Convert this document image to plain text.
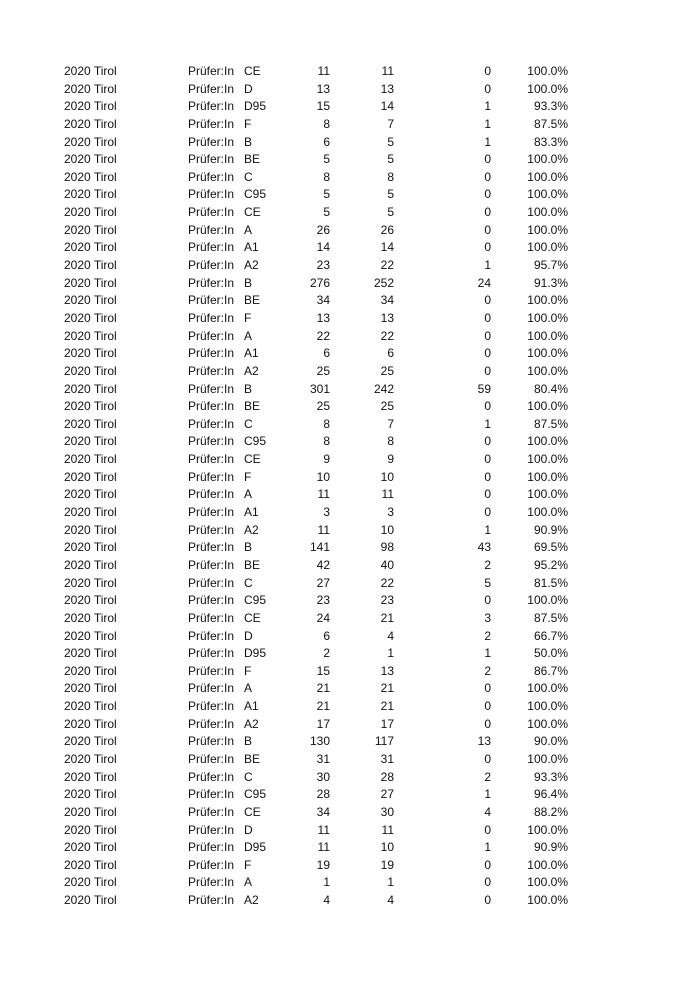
2020 Tirol	Prüfer:In CE	11	11	0	100.0%
2020 Tirol	Prüfer:In D	13	13	0	100.0%
2020 Tirol	Prüfer:In D95	15	14	1	93.3%
2020 Tirol	Prüfer:In F	8	7	1	87.5%
2020 Tirol	Prüfer:In B	6	5	1	83.3%
2020 Tirol	Prüfer:In BE	5	5	0	100.0%
2020 Tirol	Prüfer:In C	8	8	0	100.0%
2020 Tirol	Prüfer:In C95	5	5	0	100.0%
2020 Tirol	Prüfer:In CE	5	5	0	100.0%
2020 Tirol	Prüfer:In A	26	26	0	100.0%
2020 Tirol	Prüfer:In A1	14	14	0	100.0%
2020 Tirol	Prüfer:In A2	23	22	1	95.7%
2020 Tirol	Prüfer:In B	276	252	24	91.3%
2020 Tirol	Prüfer:In BE	34	34	0	100.0%
2020 Tirol	Prüfer:In F	13	13	0	100.0%
2020 Tirol	Prüfer:In A	22	22	0	100.0%
2020 Tirol	Prüfer:In A1	6	6	0	100.0%
2020 Tirol	Prüfer:In A2	25	25	0	100.0%
2020 Tirol	Prüfer:In B	301	242	59	80.4%
2020 Tirol	Prüfer:In BE	25	25	0	100.0%
2020 Tirol	Prüfer:In C	8	7	1	87.5%
2020 Tirol	Prüfer:In C95	8	8	0	100.0%
2020 Tirol	Prüfer:In CE	9	9	0	100.0%
2020 Tirol	Prüfer:In F	10	10	0	100.0%
2020 Tirol	Prüfer:In A	11	11	0	100.0%
2020 Tirol	Prüfer:In A1	3	3	0	100.0%
2020 Tirol	Prüfer:In A2	11	10	1	90.9%
2020 Tirol	Prüfer:In B	141	98	43	69.5%
2020 Tirol	Prüfer:In BE	42	40	2	95.2%
2020 Tirol	Prüfer:In C	27	22	5	81.5%
2020 Tirol	Prüfer:In C95	23	23	0	100.0%
2020 Tirol	Prüfer:In CE	24	21	3	87.5%
2020 Tirol	Prüfer:In D	6	4	2	66.7%
2020 Tirol	Prüfer:In D95	2	1	1	50.0%
2020 Tirol	Prüfer:In F	15	13	2	86.7%
2020 Tirol	Prüfer:In A	21	21	0	100.0%
2020 Tirol	Prüfer:In A1	21	21	0	100.0%
2020 Tirol	Prüfer:In A2	17	17	0	100.0%
2020 Tirol	Prüfer:In B	130	117	13	90.0%
2020 Tirol	Prüfer:In BE	31	31	0	100.0%
2020 Tirol	Prüfer:In C	30	28	2	93.3%
2020 Tirol	Prüfer:In C95	28	27	1	96.4%
2020 Tirol	Prüfer:In CE	34	30	4	88.2%
2020 Tirol	Prüfer:In D	11	11	0	100.0%
2020 Tirol	Prüfer:In D95	11	10	1	90.9%
2020 Tirol	Prüfer:In F	19	19	0	100.0%
2020 Tirol	Prüfer:In A	1	1	0	100.0%
2020 Tirol	Prüfer:In A2	4	4	0	100.0%
